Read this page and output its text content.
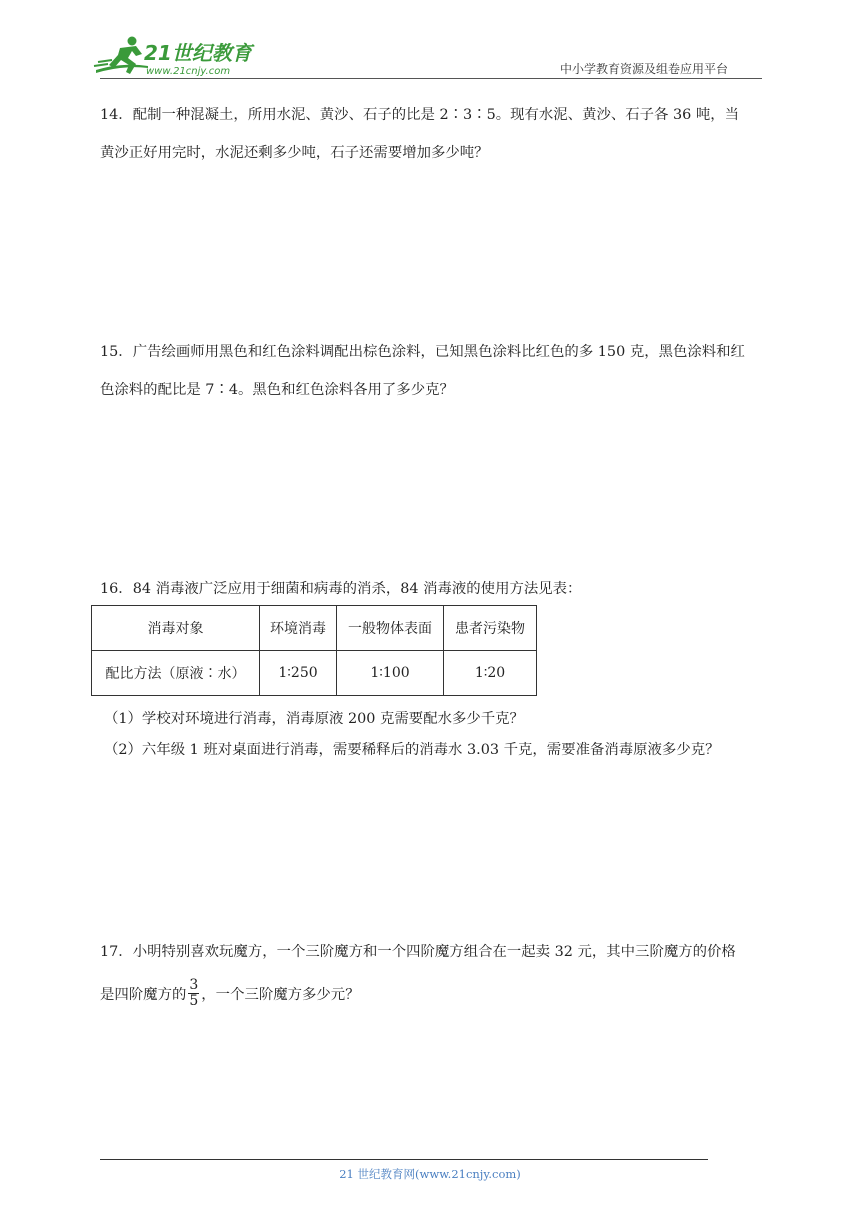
21世纪教育
www.21cnjy.com	中小学教育资源及组卷应用平台

14．配制一种混凝土，所用水泥、黄沙、石子的比是 2∶3∶5。现有水泥、黄沙、石子各 36 吨，当

黄沙正好用完时，水泥还剩多少吨，石子还需要增加多少吨？

15．广告绘画师用黑色和红色涂料调配出棕色涂料，已知黑色涂料比红色的多 150 克，黑色涂料和红

色涂料的配比是 7∶4。黑色和红色涂料各用了多少克？

16．84 消毒液广泛应用于细菌和病毒的消杀，84 消毒液的使用方法见表：

消毒对象	环境消毒	一般物体表面	患者污染物
配比方法（原液∶水）	1∶250	1∶100	1∶20
（1）学校对环境进行消毒，消毒原液 200 克需要配水多少千克？
（2）六年级 1 班对桌面进行消毒，需要稀释后的消毒水 3.03 千克，需要准备消毒原液多少克？

17．小明特别喜欢玩魔方，一个三阶魔方和一个四阶魔方组合在一起卖 32 元，其中三阶魔方的价格

是四阶魔方的 $\frac{3}{5}$ ，一个三阶魔方多少元？

21 世纪教育网(www.21cnjy.com)
